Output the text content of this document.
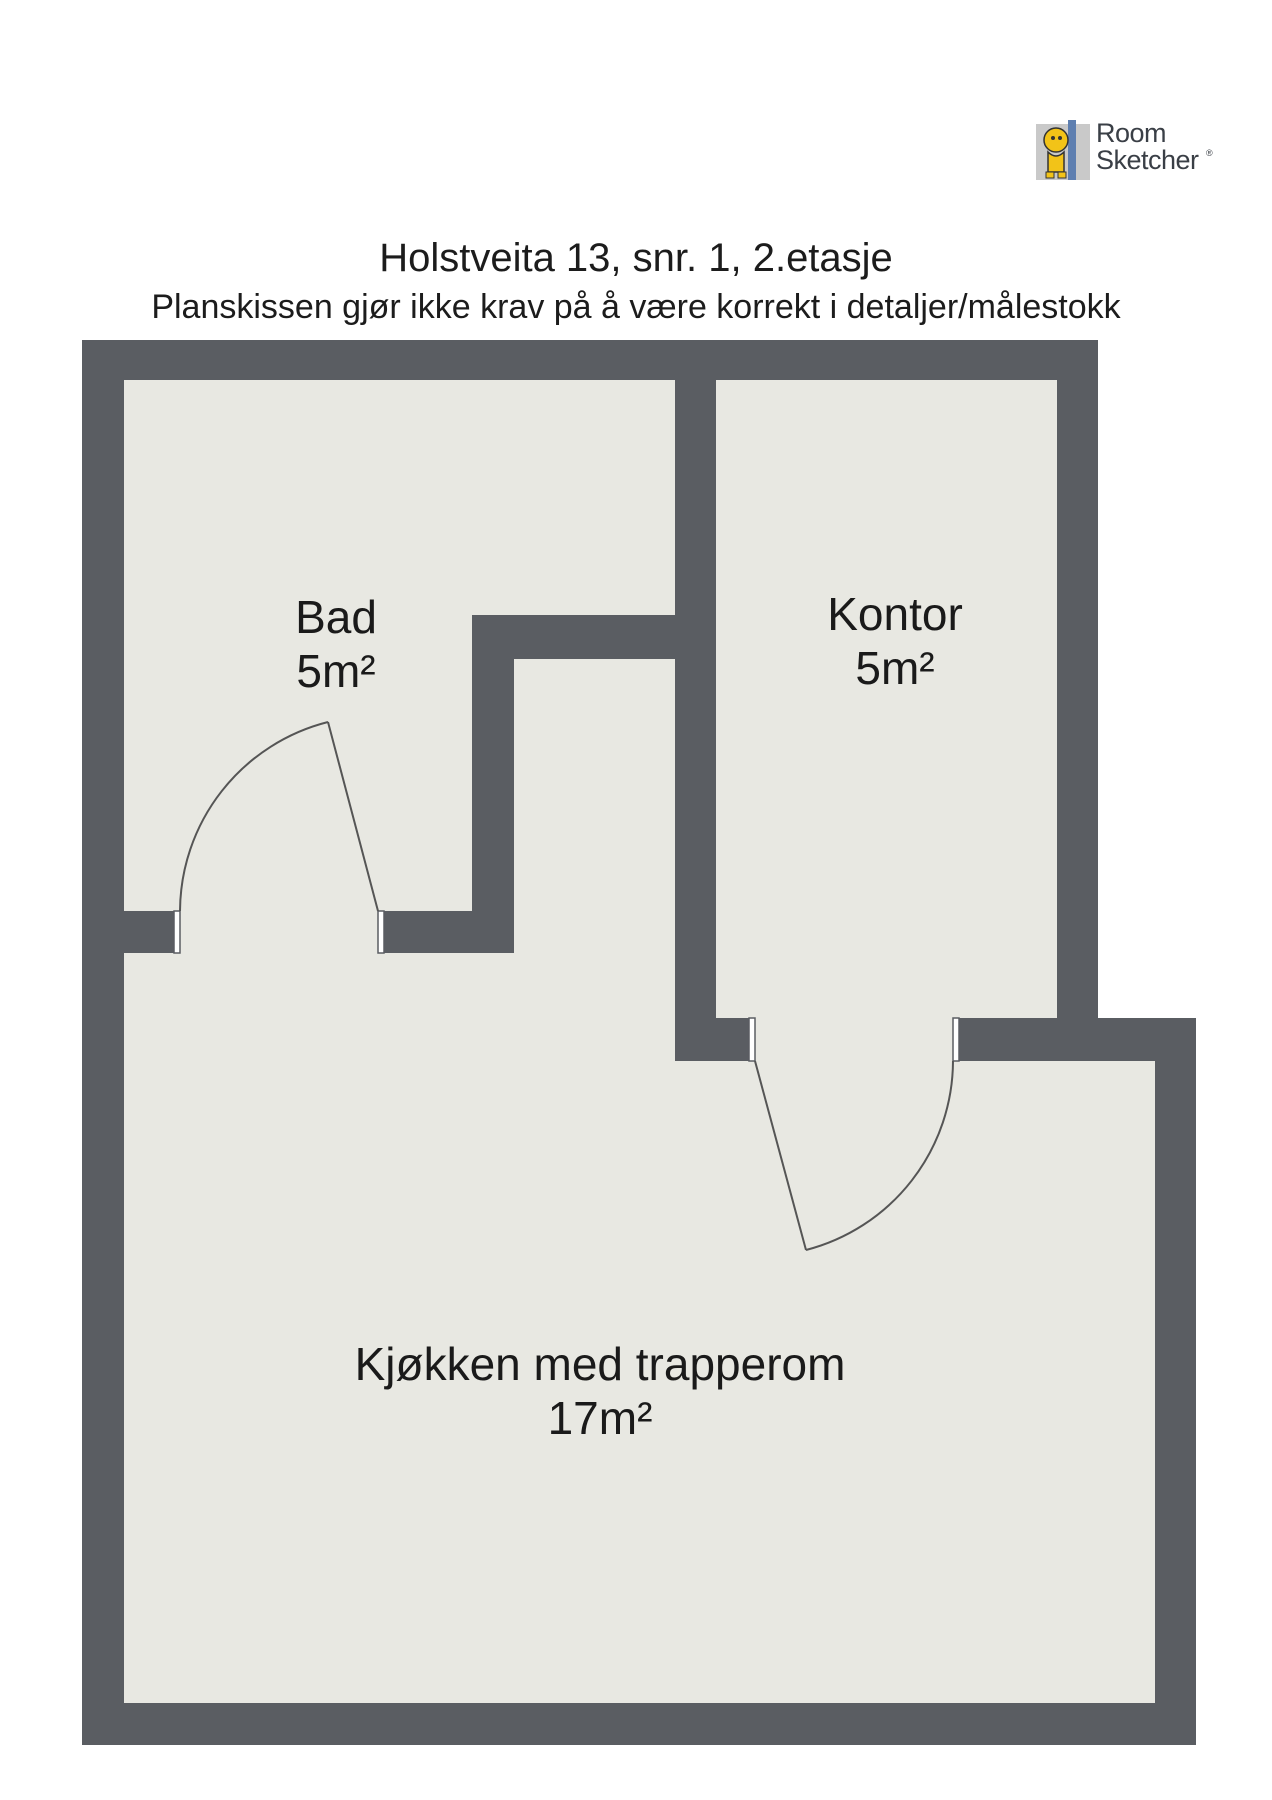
Room
Sketcher ®
Holstveita 13, snr. 1, 2.etasje
Planskissen gjør ikke krav på å være korrekt i detaljer/målestokk
Bad
5m²
Kontor
5m²
Kjøkken med trapperom
17m²
